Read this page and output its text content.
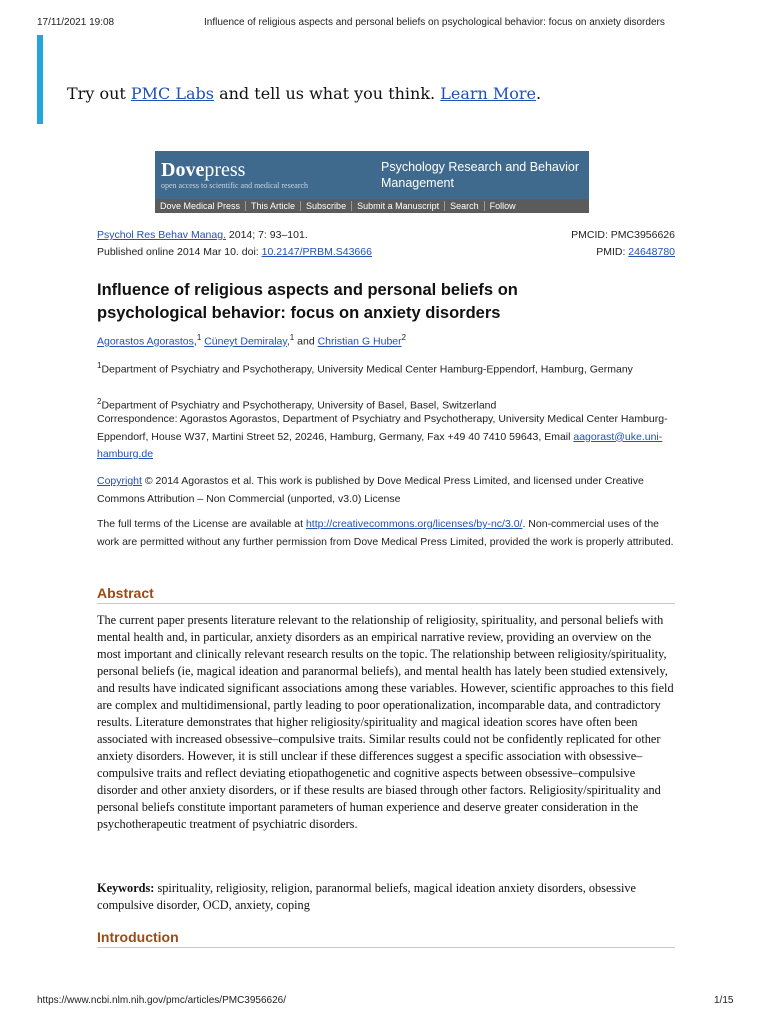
17/11/2021 19:08	Influence of religious aspects and personal beliefs on psychological behavior: focus on anxiety disorders
Try out PMC Labs and tell us what you think. Learn More.
Dovepress
open access to scientific and medical research
Psychology Research and Behavior Management
Dove Medical Press	This Article	Subscribe	Submit a Manuscript	Search	Follow
Psychol Res Behav Manag. 2014; 7: 93–101.	PMCID: PMC3956626
Published online 2014 Mar 10. doi: 10.2147/PRBM.S43666	PMID: 24648780
Influence of religious aspects and personal beliefs on psychological behavior: focus on anxiety disorders
Agorastos Agorastos,$^1$ Cüneyt Demiralay,$^1$ and Christian G Huber$^2$
$^1$Department of Psychiatry and Psychotherapy, University Medical Center Hamburg-Eppendorf, Hamburg, Germany
$^2$Department of Psychiatry and Psychotherapy, University of Basel, Basel, Switzerland
Correspondence: Agorastos Agorastos, Department of Psychiatry and Psychotherapy, University Medical Center Hamburg-Eppendorf, House W37, Martini Street 52, 20246, Hamburg, Germany, Fax +49 40 7410 59643, Email aagorast@uke.uni-hamburg.de
Copyright © 2014 Agorastos et al. This work is published by Dove Medical Press Limited, and licensed under Creative Commons Attribution – Non Commercial (unported, v3.0) License
The full terms of the License are available at http://creativecommons.org/licenses/by-nc/3.0/. Non-commercial uses of the work are permitted without any further permission from Dove Medical Press Limited, provided the work is properly attributed.
Abstract
The current paper presents literature relevant to the relationship of religiosity, spirituality, and personal beliefs with mental health and, in particular, anxiety disorders as an empirical narrative review, providing an overview on the most important and clinically relevant research results on the topic. The relationship between religiosity/spirituality, personal beliefs (ie, magical ideation and paranormal beliefs), and mental health has lately been studied extensively, and results have indicated significant associations among these variables. However, scientific approaches to this field are complex and multidimensional, partly leading to poor operationalization, incomparable data, and contradictory results. Literature demonstrates that higher religiosity/spirituality and magical ideation scores have often been associated with increased obsessive–compulsive traits. Similar results could not be confidently replicated for other anxiety disorders. However, it is still unclear if these differences suggest a specific association with obsessive–compulsive traits and reflect deviating etiopathogenetic and cognitive aspects between obsessive–compulsive disorder and other anxiety disorders, or if these results are biased through other factors. Religiosity/spirituality and personal beliefs constitute important parameters of human experience and deserve greater consideration in the psychotherapeutic treatment of psychiatric disorders.
Keywords: spirituality, religiosity, religion, paranormal beliefs, magical ideation anxiety disorders, obsessive compulsive disorder, OCD, anxiety, coping
Introduction
https://www.ncbi.nlm.nih.gov/pmc/articles/PMC3956626/	1/15
